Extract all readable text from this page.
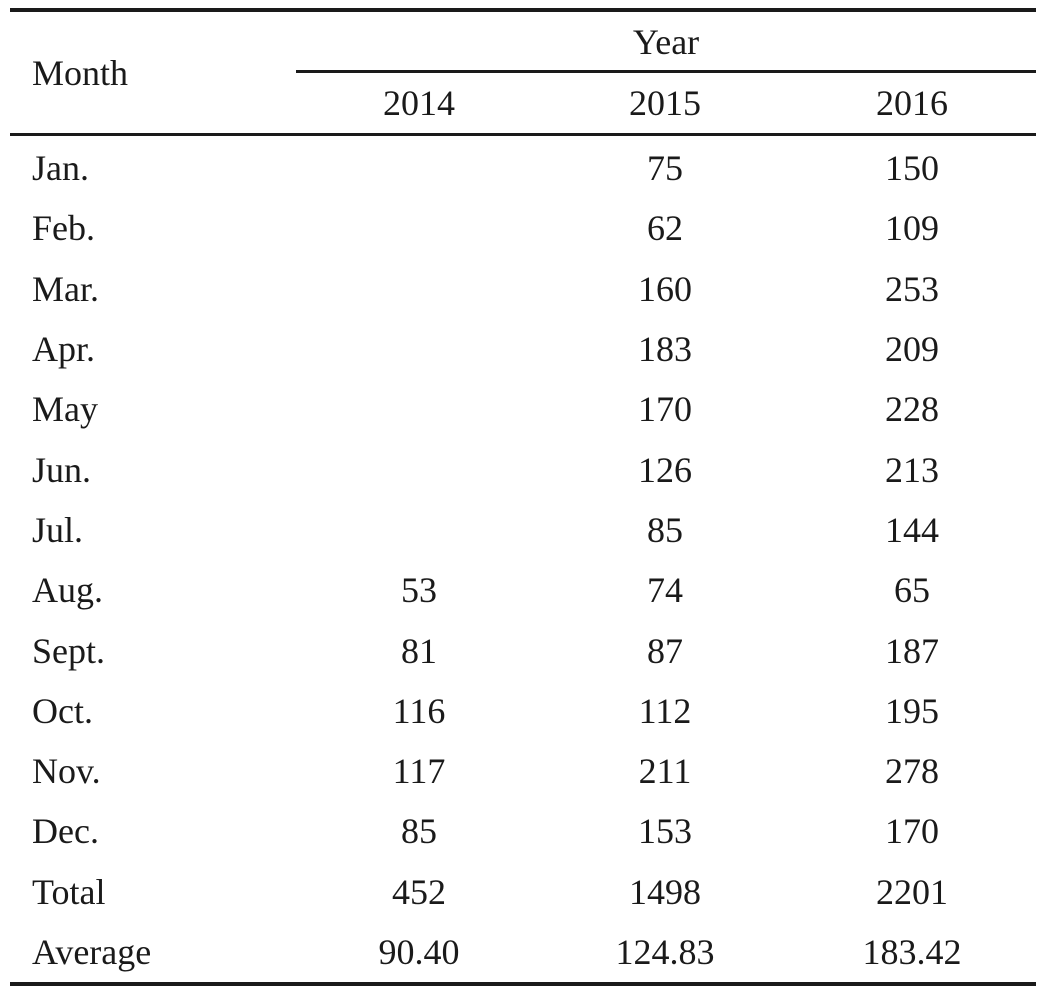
Month	Year		

	2014	2015	2016
Jan.		75	150
Feb.		62	109
Mar.		160	253
Apr.		183	209
May		170	228
Jun.		126	213
Jul.		85	144
Aug.	53	74	65
Sept.	81	87	187
Oct.	116	112	195
Nov.	117	211	278
Dec.	85	153	170
Total	452	1498	2201
Average	90.40	124.83	183.42
